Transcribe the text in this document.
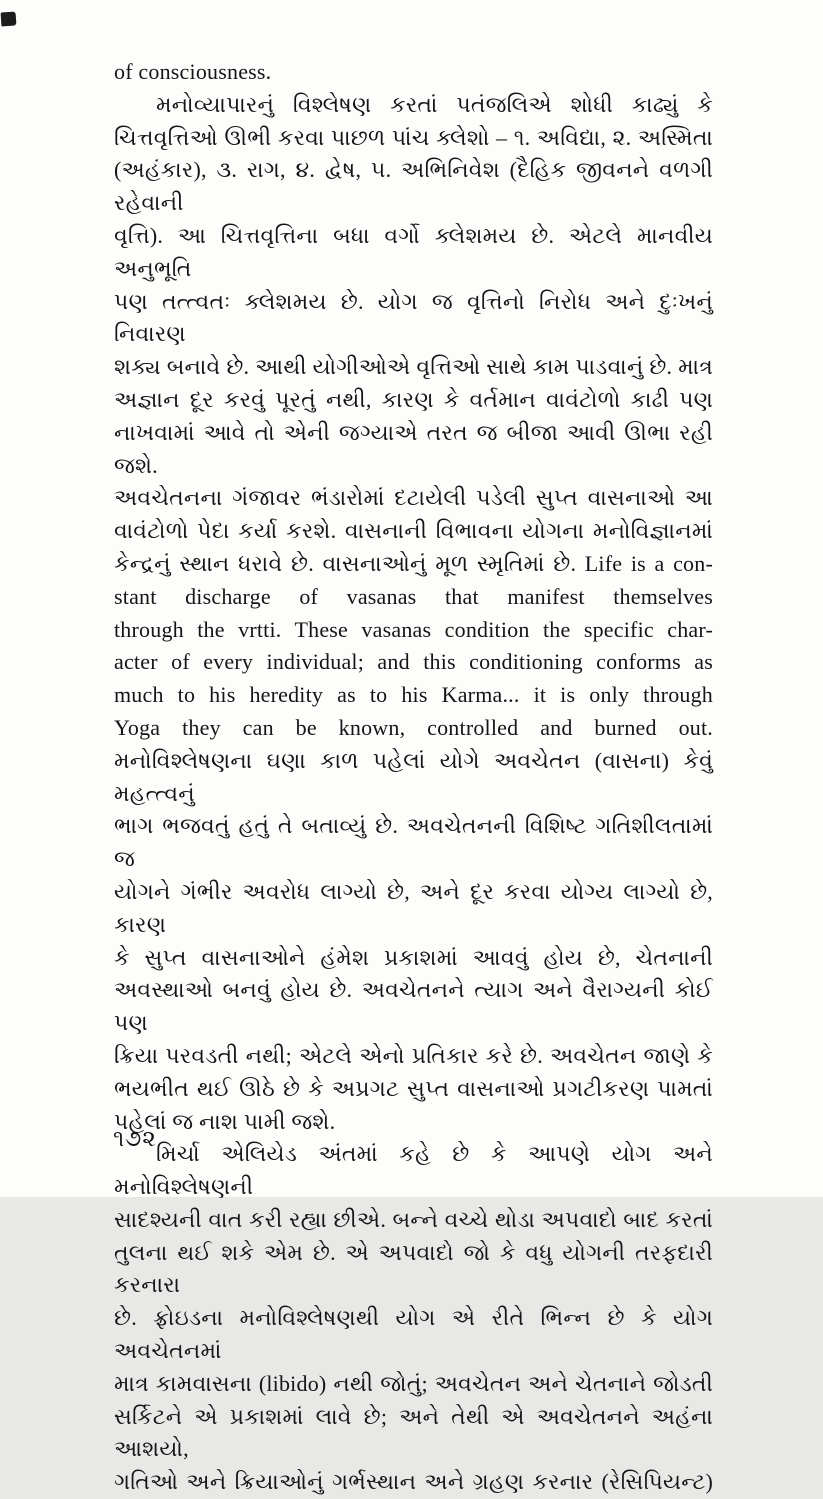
of consciousness.
મનોવ્યાપારનું વિશ્લેષણ કરતાં પતંજલિએ શોધી કાઢ્યું કે
ચિત્તવૃત્તિઓ ઊભી કરવા પાછળ પાંચ ક્લેશો – ૧. અવિદ્યા, ૨. અસ્મિતા
(અહંકાર), ૩. રાગ, ૪. દ્વેષ, ૫. અભિનિવેશ (દૈહિક જીવનને વળગી રહેવાની
વૃત્તિ). આ ચિત્તવૃત્તિના બધા વર્ગો ક્લેશમય છે. એટલે માનવીય અનુભૂતિ
પણ તત્ત્વતઃ ક્લેશમય છે. યોગ જ વૃત્તિનો નિરોધ અને દુઃખનું નિવારણ
શક્ય બનાવે છે. આથી યોગીઓએ વૃત્તિઓ સાથે કામ પાડવાનું છે. માત્ર
અજ્ઞાન દૂર કરવું પૂરતું નથી, કારણ કે વર્તમાન વાવંટોળો કાઢી પણ
નાખવામાં આવે તો એની જગ્યાએ તરત જ બીજા આવી ઊભા રહી જશે.
અવચેતનના ગંજાવર ભંડારોમાં દટાયેલી પડેલી સુપ્ત વાસનાઓ આ
વાવંટોળો પેદા કર્યા કરશે. વાસનાની વિભાવના યોગના મનોવિજ્ઞાનમાં
કેન્દ્રનું સ્થાન ધરાવે છે. વાસનાઓનું મૂળ સ્મૃતિમાં છે. Life is a con-
stant discharge of vasanas that manifest themselves
through the vrtti. These vasanas condition the specific char-
acter of every individual; and this conditioning conforms as
much to his heredity as to his Karma... it is only through
Yoga they can be known, controlled and burned out.
મનોવિશ્લેષણના ઘણા કાળ પહેલાં યોગે અવચેતન (વાસના) કેવું મહત્ત્વનું
ભાગ ભજવતું હતું તે બતાવ્યું છે. અવચેતનની વિશિષ્ટ ગતિશીલતામાં જ
યોગને ગંભીર અવરોધ લાગ્યો છે, અને દૂર કરવા યોગ્ય લાગ્યો છે, કારણ
કે સુપ્ત વાસનાઓને હંમેશ પ્રકાશમાં આવવું હોય છે, ચેતનાની
અવસ્થાઓ બનવું હોય છે. અવચેતનને ત્યાગ અને વૈરાગ્યની કોઈ પણ
ક્રિયા પરવડતી નથી; એટલે એનો પ્રતિકાર કરે છે. અવચેતન જાણે કે
ભયભીત થઈ ઊઠે છે કે અપ્રગટ સુપ્ત વાસનાઓ પ્રગટીકરણ પામતાં
પહેલાં જ નાશ પામી જશે.
મિર્ચા એલિયેડ અંતમાં કહે છે કે આપણે યોગ અને મનોવિશ્લેષણની
સાદશ્યની વાત કરી રહ્યા છીએ. બન્ને વચ્ચે થોડા અપવાદો બાદ કરતાં
તુલના થઈ શકે એમ છે. એ અપવાદો જો કે વધુ યોગની તરફદારી કરનારા
છે. ફ્રોઇડના મનોવિશ્લેષણથી યોગ એ રીતે ભિન્ન છે કે યોગ અવચેતનમાં
માત્ર કામવાસના (libido) નથી જોતું; અવચેતન અને ચેતનાને જોડતી
સર્કિટને એ પ્રકાશમાં લાવે છે; અને તેથી એ અવચેતનને અહંના આશયો,
ગતિઓ અને ક્રિયાઓનું ગર્ભસ્થાન અને ગ્રહણ કરનાર (રેસિપિયન્ટ)
૧૭૨
